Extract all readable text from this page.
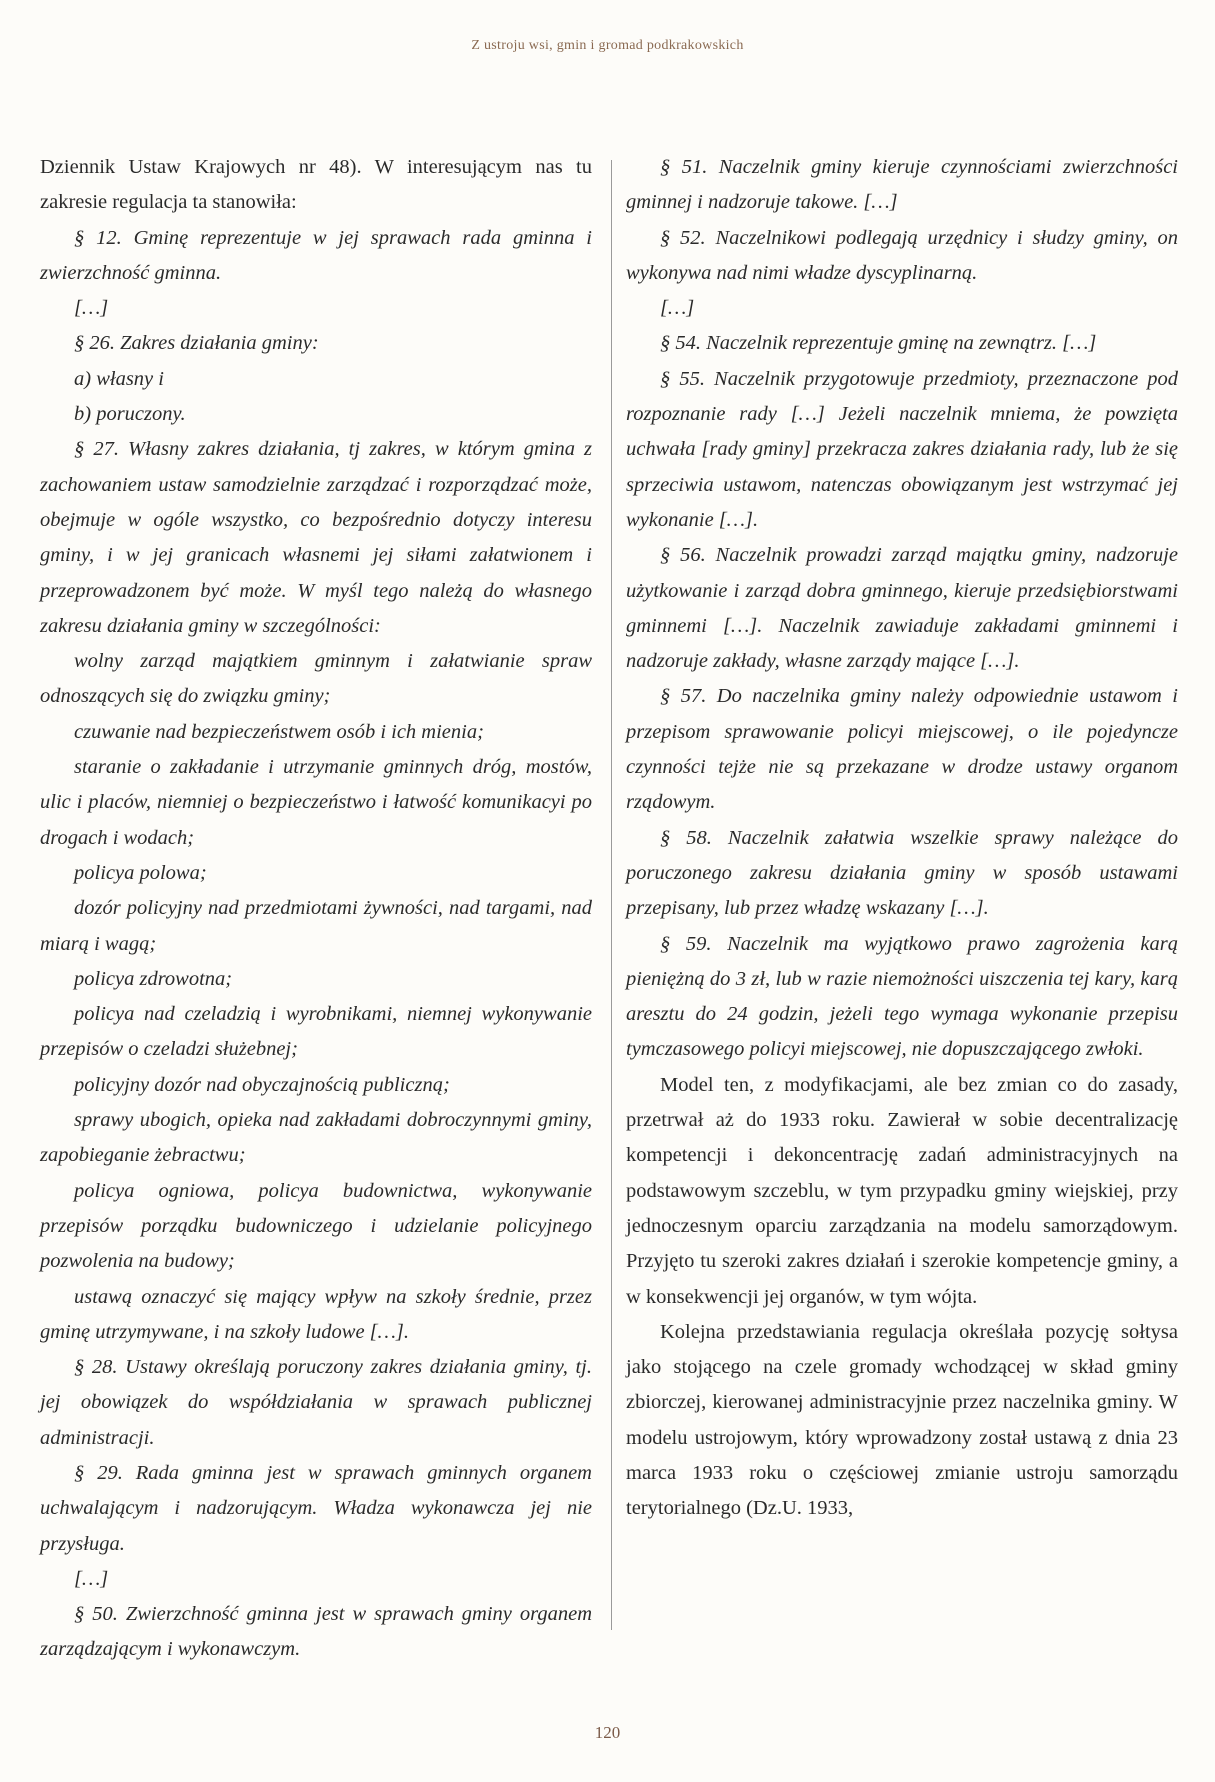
Z ustroju wsi, gmin i gromad podkrakowskich

Dziennik Ustaw Krajowych nr 48). W interesującym nas tu zakresie regulacja ta stanowiła:

§ 12. Gminę reprezentuje w jej sprawach rada gminna i zwierzchność gminna.

[…]

§ 26. Zakres działania gminy:

a) własny i

b) poruczony.

§ 27. Własny zakres działania, tj zakres, w którym gmina z zachowaniem ustaw samodzielnie zarządzać i rozporządzać może, obejmuje w ogóle wszystko, co bezpośrednio dotyczy interesu gminy, i w jej granicach własnemi jej siłami załatwionem i przeprowadzonem być może. W myśl tego należą do własnego zakresu działania gminy w szczególności:

wolny zarząd majątkiem gminnym i załatwianie spraw odnoszących się do związku gminy;

czuwanie nad bezpieczeństwem osób i ich mienia;

staranie o zakładanie i utrzymanie gminnych dróg, mostów, ulic i placów, niemniej o bezpieczeństwo i łatwość komunikacyi po drogach i wodach;

policya polowa;

dozór policyjny nad przedmiotami żywności, nad targami, nad miarą i wagą;

policya zdrowotna;

policya nad czeladzią i wyrobnikami, niemnej wykonywanie przepisów o czeladzi służebnej;

policyjny dozór nad obyczajnością publiczną;

sprawy ubogich, opieka nad zakładami dobroczynnymi gminy, zapobieganie żebractwu;

policya ogniowa, policya budownictwa, wykonywanie przepisów porządku budowniczego i udzielanie policyjnego pozwolenia na budowy;

ustawą oznaczyć się mający wpływ na szkoły średnie, przez gminę utrzymywane, i na szkoły ludowe […].

§ 28. Ustawy określają poruczony zakres działania gminy, tj. jej obowiązek do współdziałania w sprawach publicznej administracji.

§ 29. Rada gminna jest w sprawach gminnych organem uchwalającym i nadzorującym. Władza wykonawcza jej nie przysługa.

[…]

§ 50. Zwierzchność gminna jest w sprawach gminy organem zarządzającym i wykonawczym.

§ 51. Naczelnik gminy kieruje czynnościami zwierzchności gminnej i nadzoruje takowe. […]

§ 52. Naczelnikowi podlegają urzędnicy i słudzy gminy, on wykonywa nad nimi władze dyscyplinarną.

[…]

§ 54. Naczelnik reprezentuje gminę na zewnątrz. […]

§ 55. Naczelnik przygotowuje przedmioty, przeznaczone pod rozpoznanie rady […] Jeżeli naczelnik mniema, że powzięta uchwała [rady gminy] przekracza zakres działania rady, lub że się sprzeciwia ustawom, natenczas obowiązanym jest wstrzymać jej wykonanie […].

§ 56. Naczelnik prowadzi zarząd majątku gminy, nadzoruje użytkowanie i zarząd dobra gminnego, kieruje przedsiębiorstwami gminnemi […]. Naczelnik zawiaduje zakładami gminnemi i nadzoruje zakłady, własne zarządy mające […].

§ 57. Do naczelnika gminy należy odpowiednie ustawom i przepisom sprawowanie policyi miejscowej, o ile pojedyncze czynności tejże nie są przekazane w drodze ustawy organom rządowym.

§ 58. Naczelnik załatwia wszelkie sprawy należące do poruczonego zakresu działania gminy w sposób ustawami przepisany, lub przez władzę wskazany […].

§ 59. Naczelnik ma wyjątkowo prawo zagrożenia karą pieniężną do 3 zł, lub w razie niemożności uiszczenia tej kary, karą aresztu do 24 godzin, jeżeli tego wymaga wykonanie przepisu tymczasowego policyi miejscowej, nie dopuszczającego zwłoki.

Model ten, z modyfikacjami, ale bez zmian co do zasady, przetrwał aż do 1933 roku. Zawierał w sobie decentralizację kompetencji i dekoncentrację zadań administracyjnych na podstawowym szczeblu, w tym przypadku gminy wiejskiej, przy jednoczesnym oparciu zarządzania na modelu samorządowym. Przyjęto tu szeroki zakres działań i szerokie kompetencje gminy, a w konsekwencji jej organów, w tym wójta.

Kolejna przedstawiania regulacja określała pozycję sołtysa jako stojącego na czele gromady wchodzącej w skład gminy zbiorczej, kierowanej administracyjnie przez naczelnika gminy. W modelu ustrojowym, który wprowadzony został ustawą z dnia 23 marca 1933 roku o częściowej zmianie ustroju samorządu terytorialnego (Dz.U. 1933,

120
